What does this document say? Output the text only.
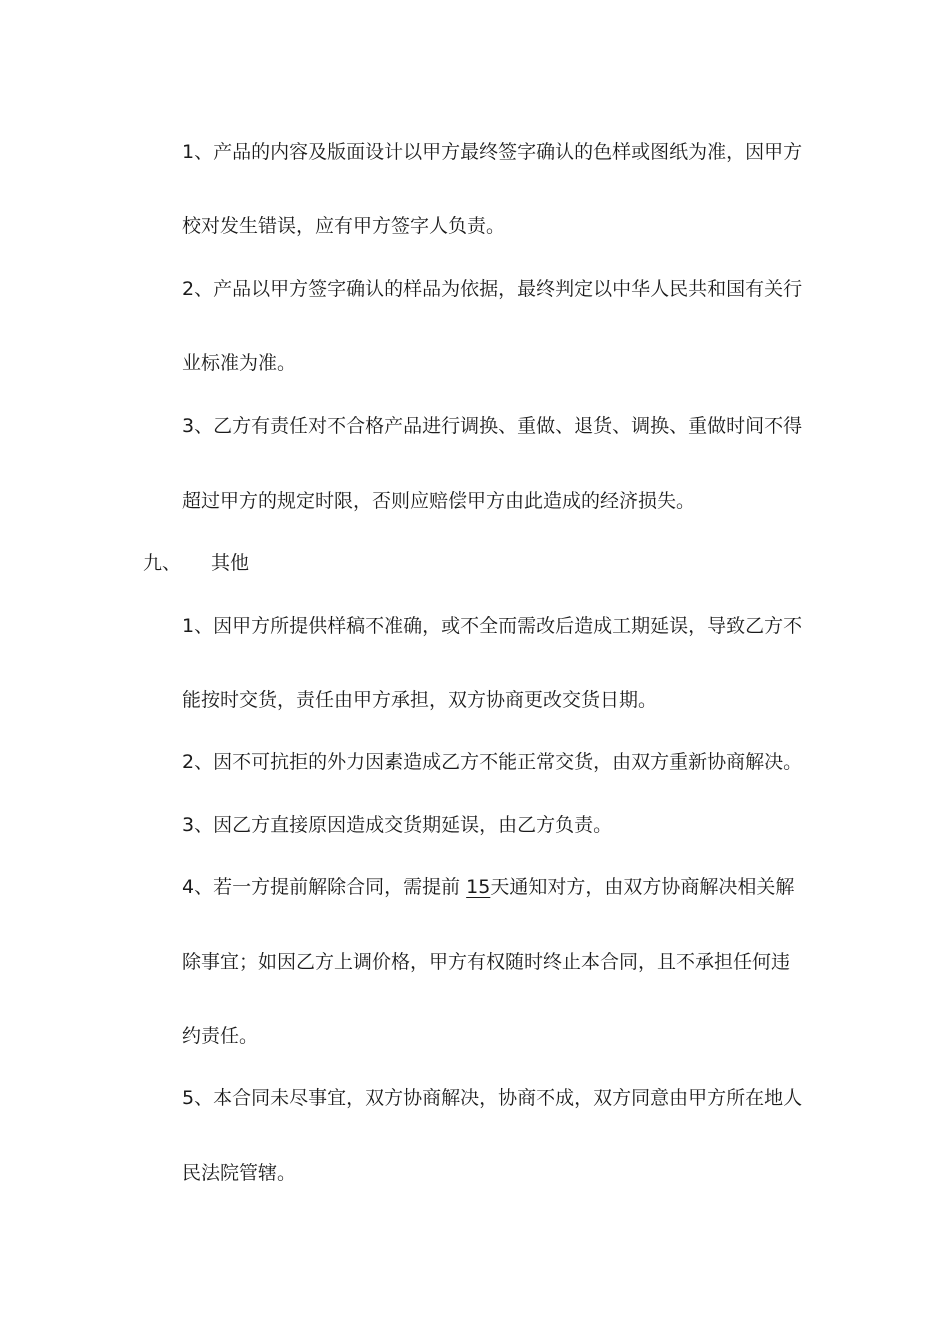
1、产品的内容及版面设计以甲方最终签字确认的色样或图纸为准，因甲方
校对发生错误，应有甲方签字人负责。
2、产品以甲方签字确认的样品为依据，最终判定以中华人民共和国有关行
业标准为准。
3、乙方有责任对不合格产品进行调换、重做、退货、调换、重做时间不得
超过甲方的规定时限，否则应赔偿甲方由此造成的经济损失。
九、 其他
1、因甲方所提供样稿不准确，或不全而需改后造成工期延误，导致乙方不
能按时交货，责任由甲方承担，双方协商更改交货日期。
2、因不可抗拒的外力因素造成乙方不能正常交货，由双方重新协商解决。
3、因乙方直接原因造成交货期延误，由乙方负责。
4、若一方提前解除合同，需提前 15天通知对方，由双方协商解决相关解
除事宜；如因乙方上调价格，甲方有权随时终止本合同，且不承担任何违
约责任。
5、本合同未尽事宜，双方协商解决，协商不成，双方同意由甲方所在地人
民法院管辖。
